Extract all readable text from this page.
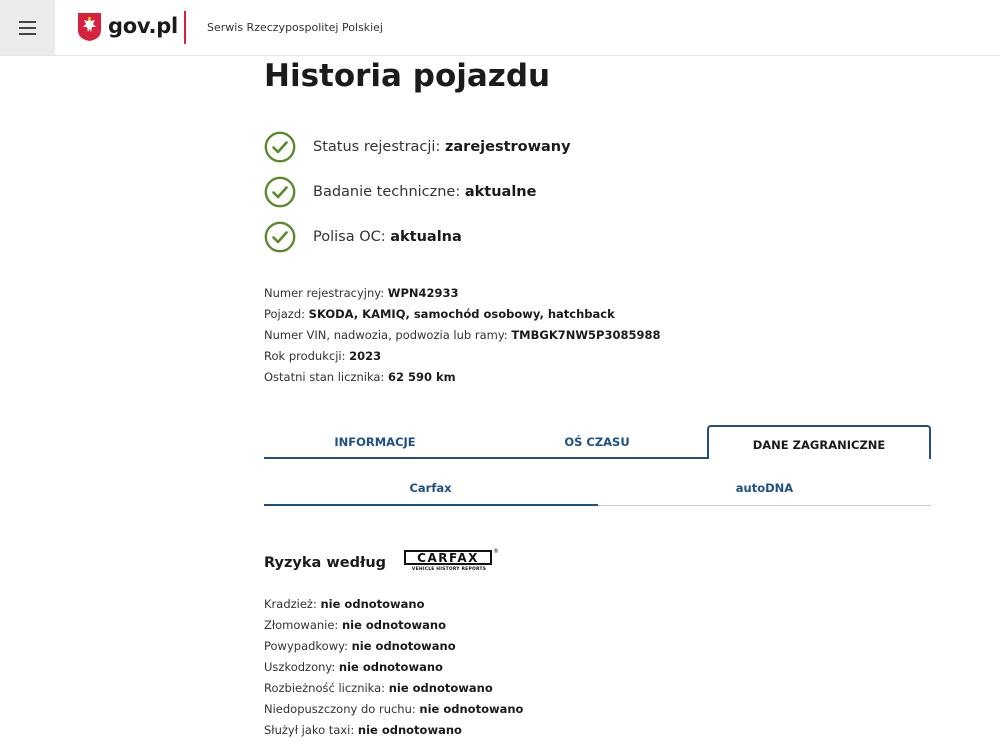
gov.pl	Serwis Rzeczypospolitej Polskiej
Historia pojazdu
Status rejestracji: zarejestrowany
Badanie techniczne: aktualne
Polisa OC: aktualna
Numer rejestracyjny: WPN42933
Pojazd: SKODA, KAMIQ, samochód osobowy, hatchback
Numer VIN, nadwozia, podwozia lub ramy: TMBGK7NW5P3085988
Rok produkcji: 2023
Ostatni stan licznika: 62 590 km
INFORMACJE	OŚ CZASU	DANE ZAGRANICZNE
Carfax	autoDNA
Ryzyka według	CARFAX
VEHICLE HISTORY REPORTS
®
Kradzież: nie odnotowano
Złomowanie: nie odnotowano
Powypadkowy: nie odnotowano
Uszkodzony: nie odnotowano
Rozbieżność licznika: nie odnotowano
Niedopuszczony do ruchu: nie odnotowano
Służył jako taxi: nie odnotowano
